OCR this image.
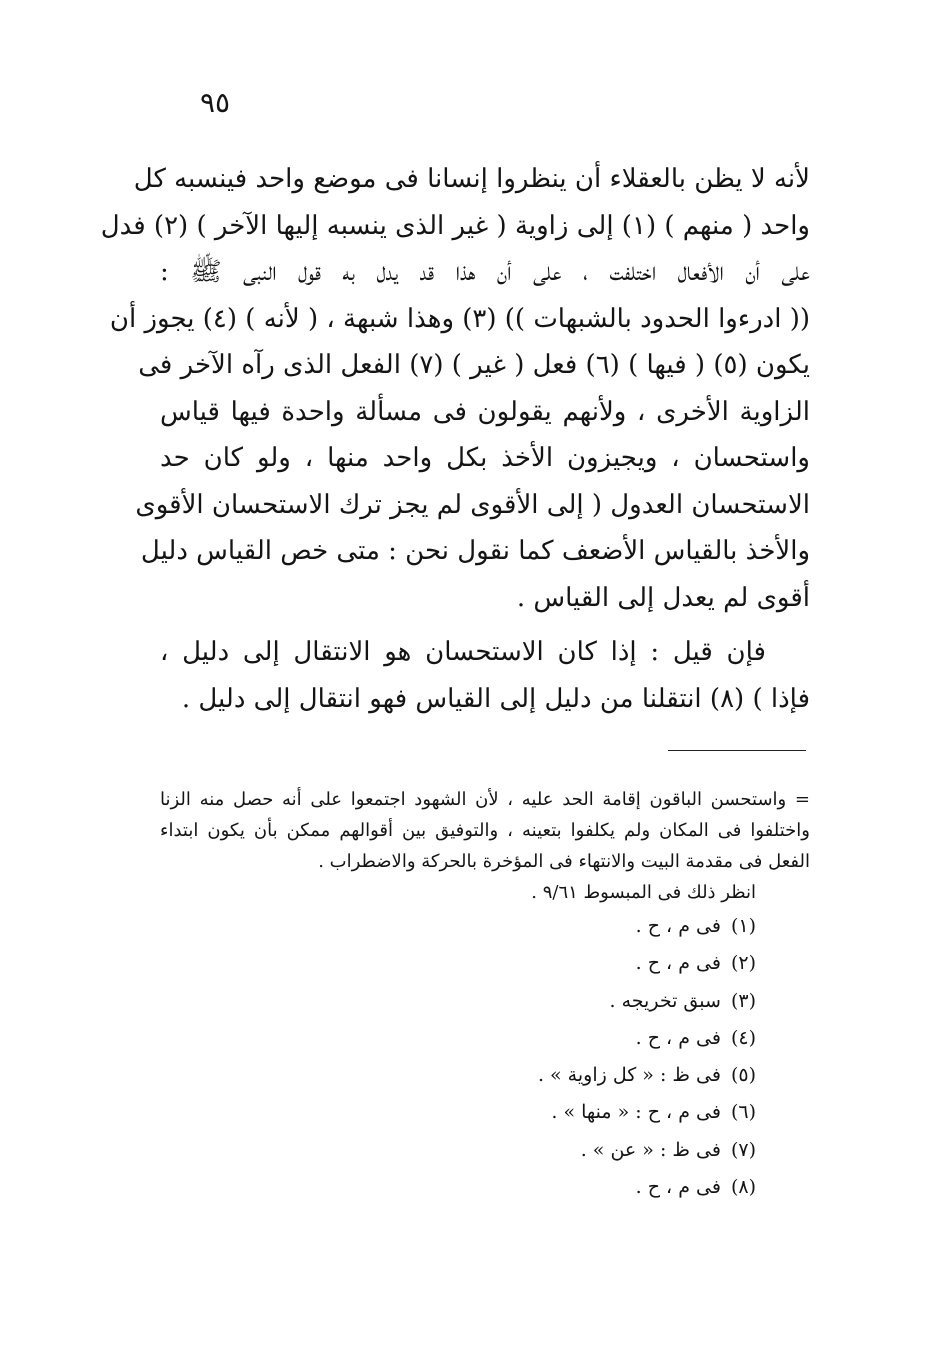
٩٥
لأنه لا يظن بالعقلاء أن ينظروا إنسانا فى موضع واحد فينسبه كل
واحد ( منهم ) (١) إلى زاوية ( غير الذى ينسبه إليها الآخر ) (٢) فدل
على أن الأفعال اختلفت ، على أن هذا قد يدل به قول النبى ﷺ :
(( ادرءوا الحدود بالشبهات )) (٣) وهذا شبهة ، ( لأنه ) (٤) يجوز أن
يكون (٥) ( فيها ) (٦) فعل ( غير ) (٧) الفعل الذى رآه الآخر فى
الزاوية الأخرى ، ولأنهم يقولون فى مسألة واحدة فيها قياس
واستحسان ، ويجيزون الأخذ بكل واحد منها ، ولو كان حد
الاستحسان العدول ( إلى الأقوى لم يجز ترك الاستحسان الأقوى
والأخذ بالقياس الأضعف كما نقول نحن : متى خص القياس دليل
أقوى لم يعدل إلى القياس .
فإن قيل : إذا كان الاستحسان هو الانتقال إلى دليل ،
فإذا ) (٨) انتقلنا من دليل إلى القياس فهو انتقال إلى دليل .
= واستحسن الباقون إقامة الحد عليه ، لأن الشهود اجتمعوا على أنه حصل منه الزنا
واختلفوا فى المكان ولم يكلفوا بتعينه ، والتوفيق بين أقوالهم ممكن بأن يكون ابتداء
الفعل فى مقدمة البيت والانتهاء فى المؤخرة بالحركة والاضطراب .
انظر ذلك فى المبسوط ٩/٦١ .
(١)فى م ، ح .
(٢)فى م ، ح .
(٣)سبق تخريجه .
(٤)فى م ، ح .
(٥)فى ظ : « كل زاوية » .
(٦)فى م ، ح : « منها » .
(٧)فى ظ : « عن » .
(٨)فى م ، ح .
